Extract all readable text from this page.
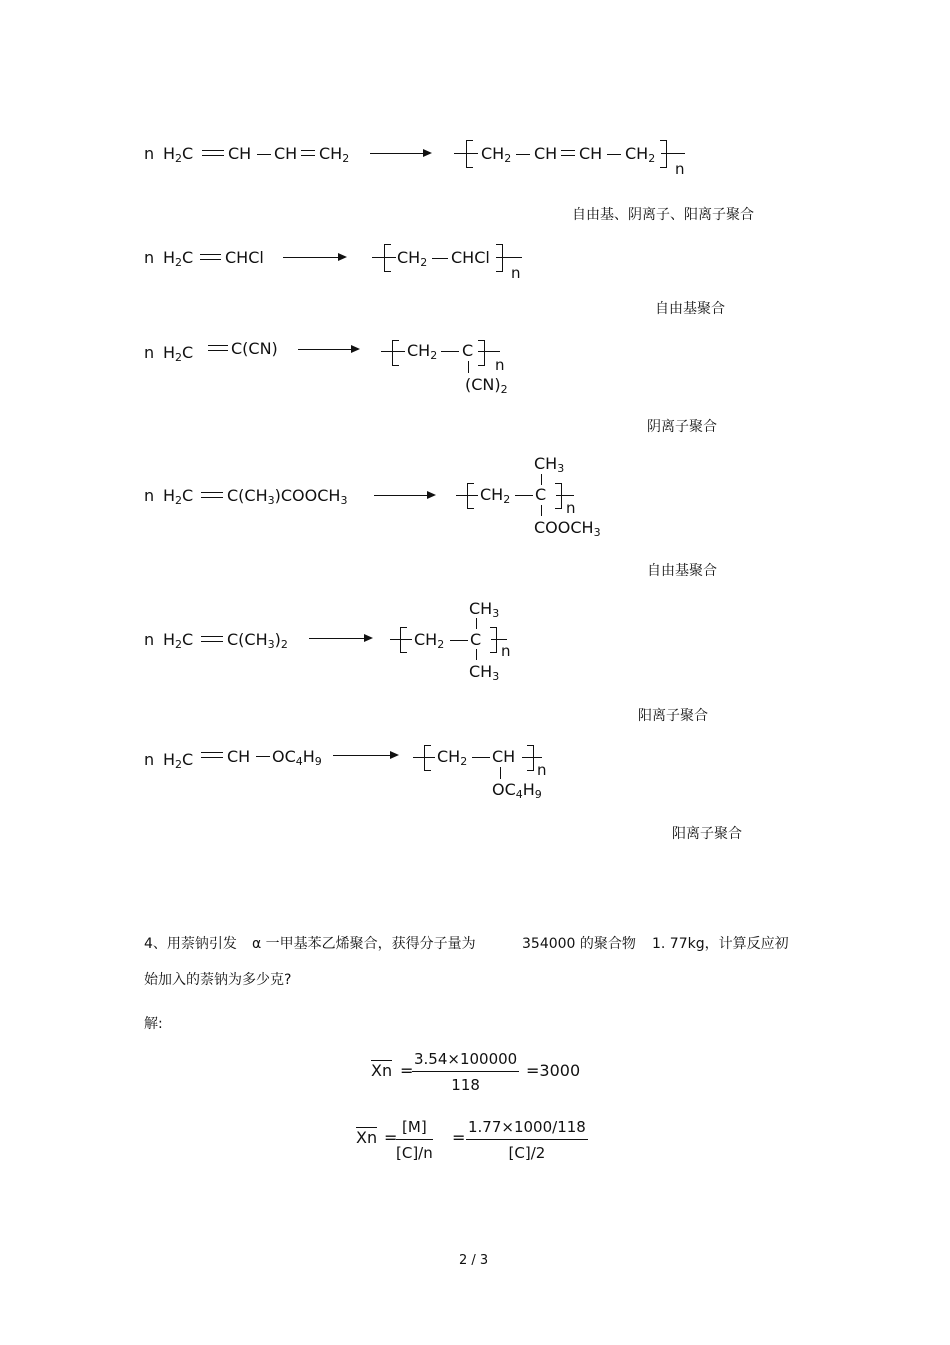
n $H_2C$ CH CH $CH_2$ →	$CH_2$ CH CH $CH_2$
n
自由基、阴离子、阳离子聚合
n $H_2C$ CHCl →	$CH_2$ CHCl
n
自由基聚合
n $H_2C$ C(CN) →	$CH_2$ C
n
$(CN)_2$
阴离子聚合
n $H_2C$ $C(CH_3)COOCH_3$	$CH_2$ C
n
$CH_3$
$COOCH_3$
自由基聚合
n $H_2C$ $C(CH_3)_2$ →	$CH_2$ C
n
$CH_3$
$CH_3$
阳离子聚合
n $H_2C$ CH $OC_4H_9$ →	$CH_2$ CH
n
$OC_4H_9$
阳离子聚合
4、用萘钠引发 α 一甲基苯乙烯聚合，获得分子量为	354000 的聚合物 1. 77kg，计算反应初
始加入的萘钠为多少克?
解:
Xn =
$\frac{3.54\times 100000}{118} =3000$
Xn =
$\frac{[M]}{[C]/n} = \frac{1.77\times 1000/118}{[C]/2}$
2 / 3
